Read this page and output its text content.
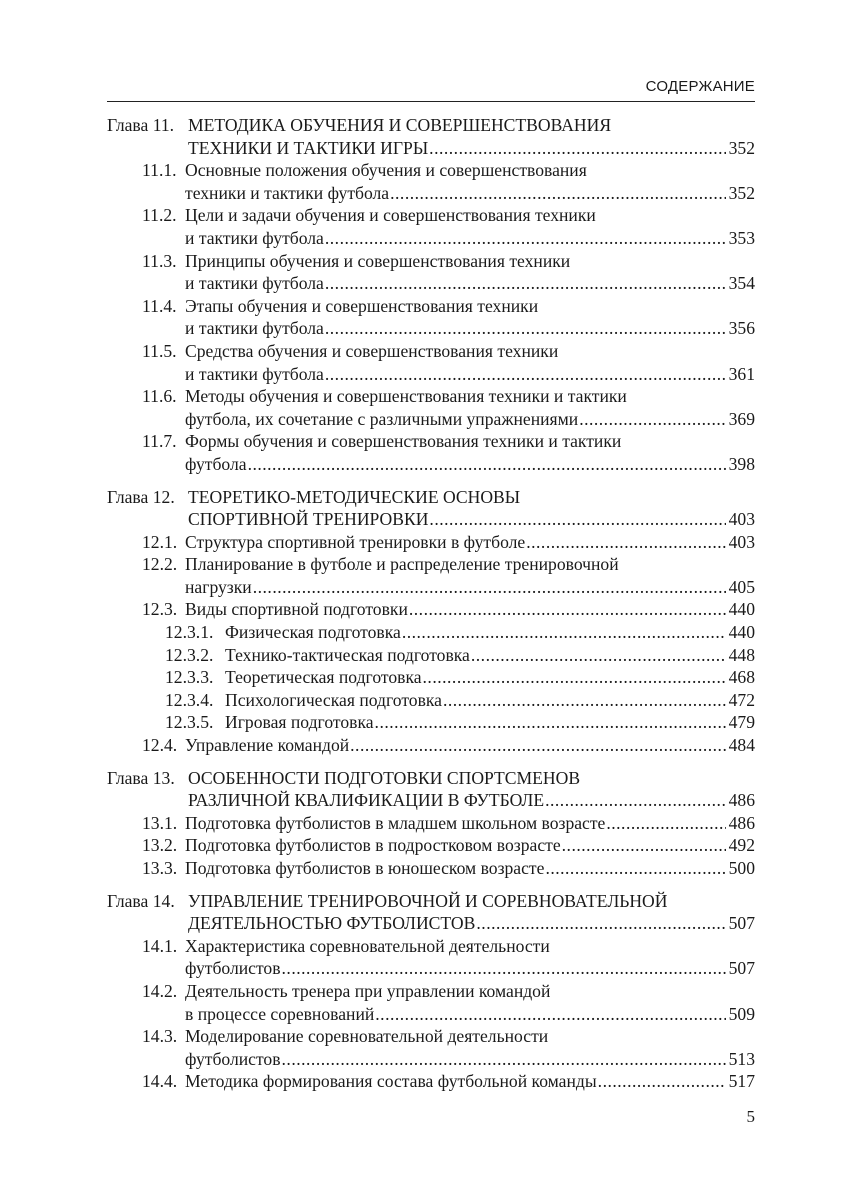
СОДЕРЖАНИЕ
Глава 11. МЕТОДИКА ОБУЧЕНИЯ И СОВЕРШЕНСТВОВАНИЯ
ТЕХНИКИ И ТАКТИКИ ИГРЫ .....	352
11.1. Основные положения обучения и совершенствования
техники и тактики футбола .....	352
11.2. Цели и задачи обучения и совершенствования техники
и тактики футбола .....	353
11.3. Принципы обучения и совершенствования техники
и тактики футбола .....	354
11.4. Этапы обучения и совершенствования техники
и тактики футбола .....	356
11.5. Средства обучения и совершенствования техники
и тактики футбола .....	361
11.6. Методы обучения и совершенствования техники и тактики
футбола, их сочетание с различными упражнениями .....	369
11.7. Формы обучения и совершенствования техники и тактики
футбола .....	398
Глава 12. ТЕОРЕТИКО-МЕТОДИЧЕСКИЕ ОСНОВЫ
СПОРТИВНОЙ ТРЕНИРОВКИ .....	403
12.1. Структура спортивной тренировки в футболе .....	403
12.2. Планирование в футболе и распределение тренировочной
нагрузки .....	405
12.3. Виды спортивной подготовки .....	440
12.3.1. Физическая подготовка .....	440
12.3.2. Технико-тактическая подготовка .....	448
12.3.3. Теоретическая подготовка .....	468
12.3.4. Психологическая подготовка .....	472
12.3.5. Игровая подготовка .....	479
12.4. Управление командой .....	484
Глава 13. ОСОБЕННОСТИ ПОДГОТОВКИ СПОРТСМЕНОВ
РАЗЛИЧНОЙ КВАЛИФИКАЦИИ В ФУТБОЛЕ .....	486
13.1. Подготовка футболистов в младшем школьном возрасте .....	486
13.2. Подготовка футболистов в подростковом возрасте .....	492
13.3. Подготовка футболистов в юношеском возрасте .....	500
Глава 14. УПРАВЛЕНИЕ ТРЕНИРОВОЧНОЙ И СОРЕВНОВАТЕЛЬНОЙ
ДЕЯТЕЛЬНОСТЬЮ ФУТБОЛИСТОВ .....	507
14.1. Характеристика соревновательной деятельности
футболистов .....	507
14.2. Деятельность тренера при управлении командой
в процессе соревнований .....	509
14.3. Моделирование соревновательной деятельности
футболистов .....	513
14.4. Методика формирования состава футбольной команды .....	517
5
